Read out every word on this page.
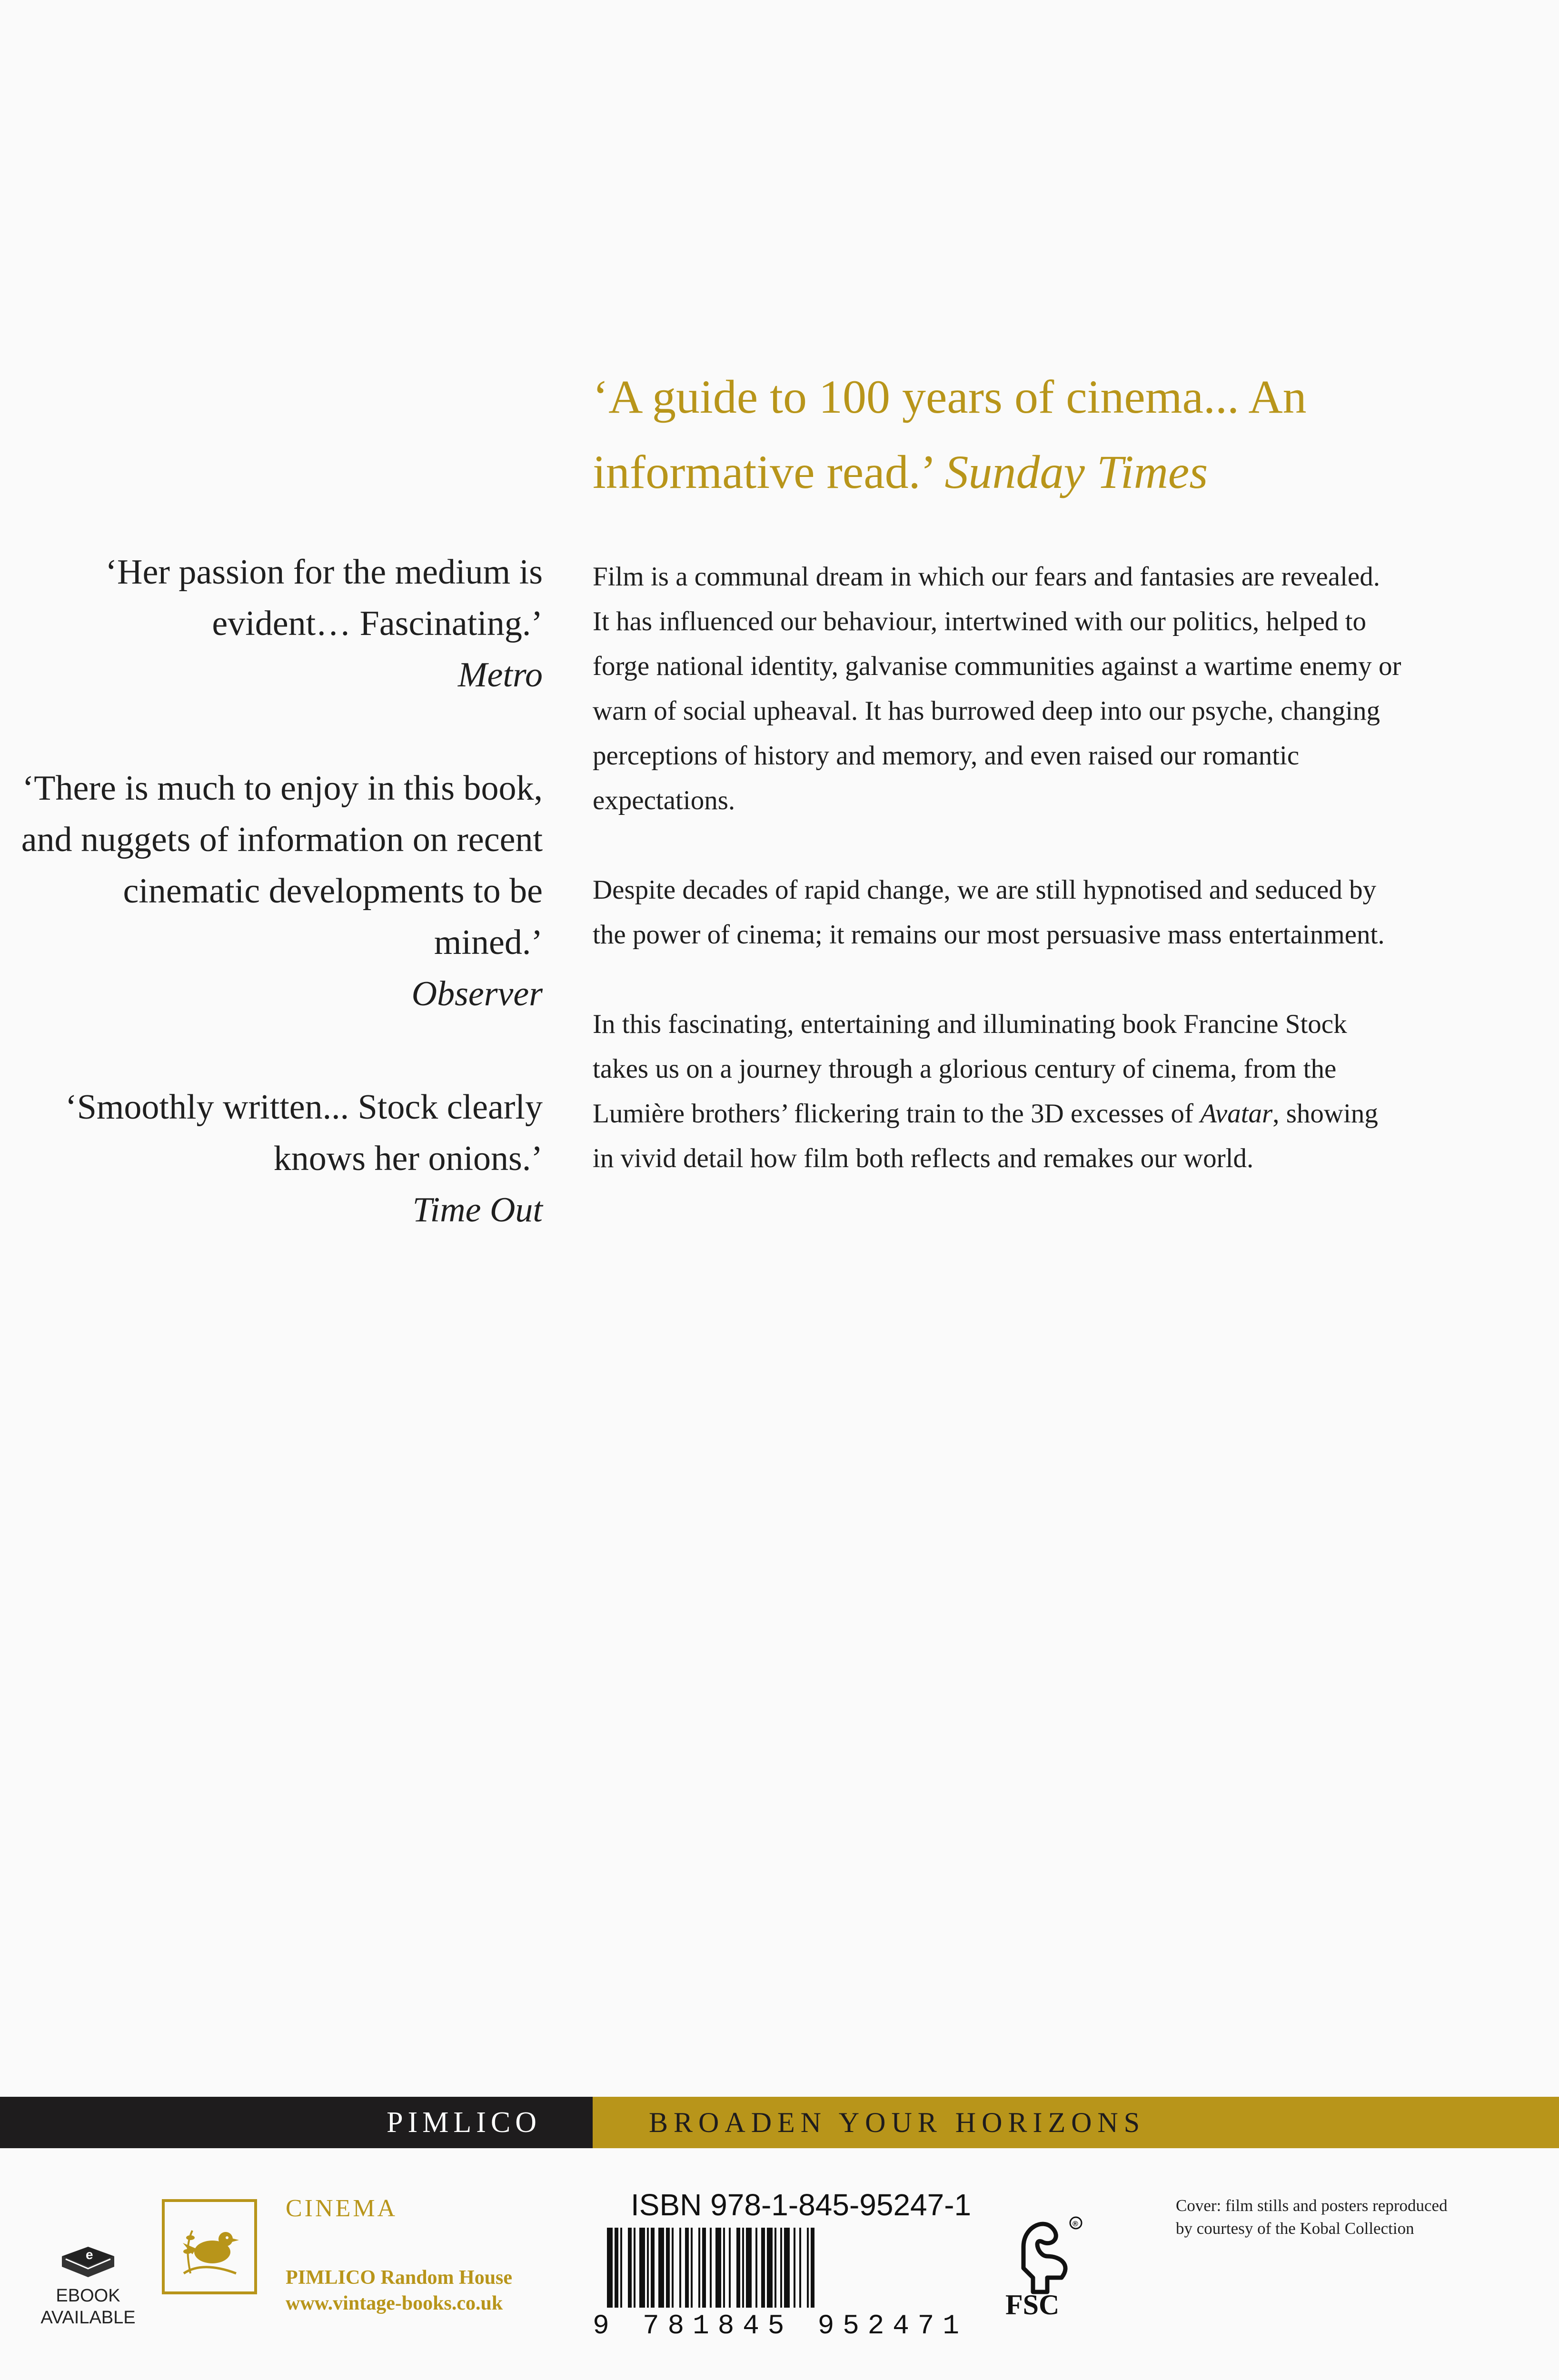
‘A guide to 100 years of cinema... An informative read.’ Sunday Times

‘Her passion for the medium is evident… Fascinating.’

Metro

‘There is much to enjoy in this book, and nuggets of information on recent cinematic developments to be mined.’

Observer

‘Smoothly written... Stock clearly knows her onions.’

Time Out

Film is a communal dream in which our fears and fantasies are revealed. It has influenced our behaviour, intertwined with our politics, helped to forge national identity, galvanise communities against a wartime enemy or warn of social upheaval. It has burrowed deep into our psyche, changing perceptions of history and memory, and even raised our romantic expectations.

Despite decades of rapid change, we are still hypnotised and seduced by the power of cinema; it remains our most persuasive mass entertainment.

In this fascinating, entertaining and illuminating book Francine Stock takes us on a journey through a glorious century of cinema, from the Lumière brothers’ flickering train to the 3D excesses of Avatar, showing in vivid detail how film both reflects and remakes our world.

PIMLICO	BROADEN YOUR HORIZONS
e
EBOOK
AVAILABLE
CINEMA
PIMLICO Random House
www.vintage-books.co.uk
ISBN 978-1-845-95247-1
9 781845 952471
®
FSC
Cover: film stills and posters reproduced by courtesy of the Kobal Collection
